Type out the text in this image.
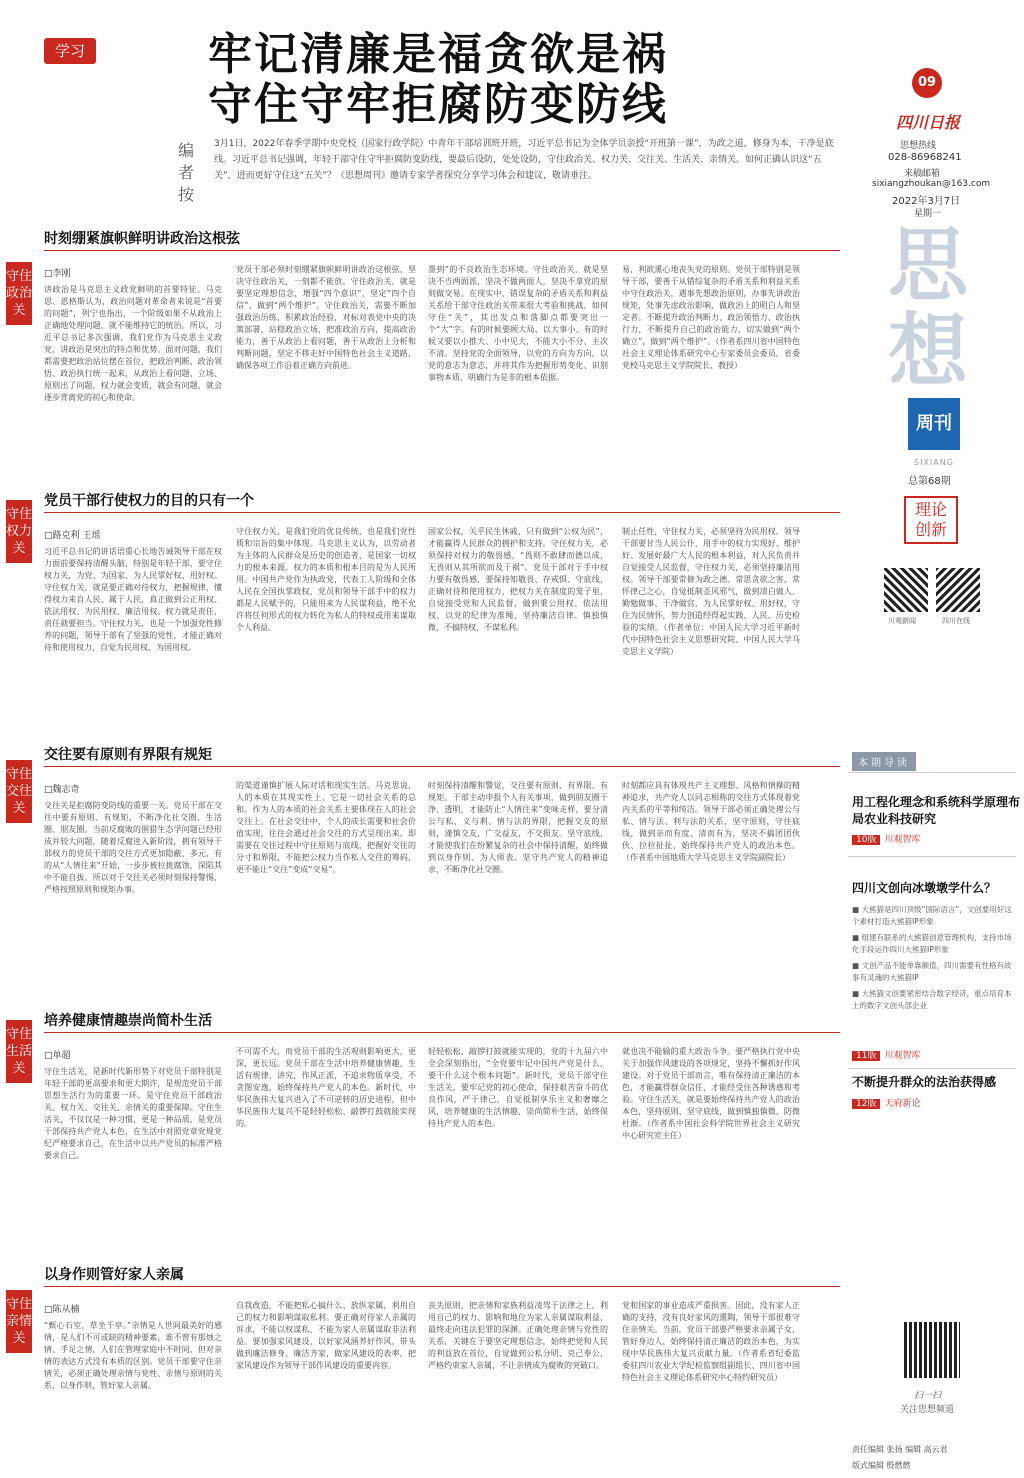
学习	牢记清廉是福贪欲是祸
守住守牢拒腐防变防线
编者按
3月1日，2022年春季学期中央党校（国家行政学院）中青年干部培训班开班，习近平总书记为全体学员亲授“开班第一课”，为政之道，修身为本，干净是底线。习近平总书记强调，年轻干部守住守牢拒腐防变防线，要最后设防，处处设防，守住政治关、权力关、交往关、生活关、亲情关。如何正确认识这“五关”，进而更好守住这“五关”？《思想周刊》邀请专家学者探究分享学习体会和建议，敬请垂注。
09
四川日报
思想热线
028-86968241
来稿邮箱
sixiangzhoukan@163.com
2022年3月7日
星期一
思想
周刊
SIXIANG
总第68期
理论
创新
川观新闻	四川在线
守住政治关
时刻绷紧旗帜鲜明讲政治这根弦
□李刚
讲政治是马克思主义政党鲜明的首要特征。马克思、恩格斯认为，政治问题对革命者来说是“首要的问题”，列宁也指出，一个阶级如果不从政治上正确地处理问题，就不能维持它的统治。所以，习近平总书记多次强调，我们党作为马克思主义政党，讲政治是突出的特点和优势。面对问题，我们都需要把政治站位摆在首位，把政治判断、政治领悟、政治执行统一起来，从政治上看问题，立场、原则出了问题，权力就会变质，就会有问题，就会逐步背离党的初心和使命。
党员干部必须时刻绷紧旗帜鲜明讲政治这根弦，坚决守住政治关，一刻都不能放。守住政治关，就是要坚定理想信念，增强“四个意识”、坚定“四个自信”、做到“两个维护”。守住政治关，需要不断加强政治历练，积累政治经验，对标对表党中央的决策部署，站稳政治立场，把准政治方向，提高政治能力，善于从政治上看问题，善于从政治上分析和判断问题，坚定不移走好中国特色社会主义道路，确保各项工作沿着正确方向前进。
墨到”的不良政治生态环境。守住政治关，就是坚决不当两面派，坚决不做两面人，坚决不拿党的原则做交易。在现实中，错误复杂的矛盾关系和利益关系给干部守住政治关带来很大考验和挑战，如何守住“关”，其出发点和落脚点都要突出一个“大”字。有的时候要顾大局、以大事小、有的时候又要以小推大、小中见大，不能大小不分、主次不清。坚持党的全面领导，以党的方向为方向，以党的意志为意志，并将其作为把握形势变化、识别事物本质、明确行为是非的根本依据。
易，利欲熏心地丧失党的原则。党员干部特别是领导干部，要善于从错综复杂的矛盾关系和利益关系中守住政治关，遇事先想政治原则，办事先讲政治规矩，处事先虑政治影响，做政治上的明白人和坚定者。不断提升政治判断力、政治领悟力、政治执行力，不断提升自己的政治能力，切实做到“两个确立”，做到“两个维护”。（作者系四川省中国特色社会主义理论体系研究中心专家委员会委员，省委党校马克思主义学院院长、教授）
守住权力关
党员干部行使权力的目的只有一个
□路克利 王瑶
习近平总书记的讲话语重心长地告诫领导干部在权力面前要保持清醒头脑，特别是年轻干部，要守住权力关，为党、为国家、为人民掌好权、用好权。守住权力关，就是要正确对待权力，把握规律，懂得权力来自人民、属于人民，真正做到公正用权、依法用权、为民用权、廉洁用权。权力就是责任，责任就要担当。守住权力关，也是一个加强党性修养的问题，领导干部有了坚强的党性，才能正确对待和使用权力，自觉为民用权、为国用权。
守住权力关，是我们党的优良传统，也是我们党性质和宗旨的集中体现。马克思主义认为，以劳动者为主体的人民群众是历史的创造者，是国家一切权力的根本来源。权力的本质和根本目的是为人民所用。中国共产党作为执政党，代表工人阶级和全体人民在全国执掌政权，党员和领导干部手中的权力都是人民赋予的，只能用来为人民谋利益，绝不允许将任何形式的权力转化为私人的特权或用来谋取个人利益。
国家公权，关乎民生休戚，只有做到“公权为民”，才能赢得人民群众的拥护和支持。守住权力关，必须保持对权力的敬畏感，“畏则不敢肆而德以成，无畏则从其所欲而及于祸”。党员干部对于手中权力要有敬畏感，要保持知敬畏、存戒惧、守底线，正确对待和使用权力，把权力关在制度的笼子里，自觉接受党和人民监督，做到秉公用权、依法用权，以党的纪律为准绳，坚持廉洁自律、慎独慎微，不搞特权，不谋私利。
制止任性，守住权力关，必须坚持为民用权。领导干部要甘当人民公仆，用手中的权力实现好、维护好、发展好最广大人民的根本利益，对人民负责并自觉接受人民监督，守住权力关，必须坚持廉洁用权。领导干部要常修为政之德、常思贪欲之害、常怀律己之心，自觉抵制歪风邪气，做到清白做人、勤勉做事、干净做官，为人民掌好权、用好权，守住为民情怀，努力创造经得起实践、人民、历史检验的实绩。（作者单位：中国人民大学习近平新时代中国特色社会主义思想研究院、中国人民大学马克思主义学院）
守住交往关
交往要有原则有界限有规矩
□魏志奇
交往关是拒腐防变防线的重要一关。党员干部在交往中要有原则、有规矩，不断净化社交圈、生活圈、朋友圈。当前反腐败的围猎生态学问题已经形成并较大问题，随着反腐进入新阶段，拥有领导干部权力的党员干部的交往方式更加隐蔽、多元，有的从“人情往来”开始，一步步被拉拢腐蚀，深陷其中不能自拔。所以对于交往关必须时刻保持警惕，严格按照原则和规矩办事。
的渠道谨慎扩展人际对话和现实生活。马克思说，人的本质在其现实性上，它是一切社会关系的总和。作为人的本质的社会关系主要体现在人的社会交往上。在社会交往中，个人的成长需要和社会价值实现，往往会通过社会交往的方式呈现出来。即需要在交往过程中守住原则与底线，把握好交往的分寸和界限，不能把公权力当作私人交往的筹码，更不能让“交往”变成“交易”。
时刻保持清醒和警觉，交往要有原则、有界限、有规矩。干部主动申报个人有关事项，做到朋友圈干净、透明，才能防止“人情往来”变味走样，要分清公与私、义与利、情与法的界限，把握交友的原则，谨慎交友，广交益友，不交损友。坚守底线，才能使我们在纷繁复杂的社会中保持清醒，始终做到以身作则、为人师表。坚守共产党人的精神追求，不断净化社交圈。
时刻都应具有体现共产主义理想、风格和情操的精神追求，共产党人以同志相称的交往方式体现着党内关系的平等和纯洁。领导干部必须正确处理公与私、情与法、利与法的关系，坚守原则，守住底线，做到亲而有度、清而有为，坚决不搞团团伙伙、拉拉扯扯，始终保持共产党人的政治本色。（作者系中国地质大学马克思主义学院副院长）
守住生活关
培养健康情趣崇尚简朴生活
□单超
守住生活关，是新时代新形势下对党员干部特别是年轻干部的更高要求和更大期许，是规范党员干部思想生活行为的重要一环。是守住党员干部政治关、权力关、交往关、亲情关的重要保障。守住生活关，不仅仅是一种习惯，更是一种品质，是党员干部保持共产党人本色，在生活中对照党章党规党纪严格要求自己，在生活中以共产党员的标准严格要求自己。
不可需不大，而党员干部的生活观则影响更大，更深，更长远。党员干部在生活中培养健康情趣，生活有规律、讲究，作风正派，不追求物质享受，不贪图安逸，始终保持共产党人的本色。新时代，中华民族伟大复兴进入了不可逆转的历史进程，但中华民族伟大复兴不是轻轻松松、敲锣打鼓就能实现的。
轻轻松松、敲锣打鼓就能实现的，党的十九届六中全会深刻指出，“全党要牢记中国共产党是什么、要干什么这个根本问题”。新时代，党员干部守住生活关，要牢记党的初心使命，保持艰苦奋斗的优良作风，严于律己，自觉抵制享乐主义和奢靡之风，培养健康的生活情趣，崇尚简朴生活，始终保持共产党人的本色。
就也决不能输的重大政治斗争。要严格执行党中央关于加强作风建设的各项规定，坚持不懈抓好作风建设。对于党员干部而言，唯有保持清正廉洁的本色，才能赢得群众信任，才能经受住各种诱惑和考验。守住生活关，就是要始终保持共产党人的政治本色，坚持原则、坚守底线，做到慎独慎微、防微杜渐。（作者系中国社会科学院世界社会主义研究中心研究室主任）
守住亲情关
以身作则管好家人亲属
□陈从楠
“甄心石室，草坐千亭。”亲情是人世间最美好的感情，是人们不可或缺的精神要素，谁不曾有那烛之情、手足之情，人们在管理家庭中不时间，但对亲情的表达方式没有本质的区别。党员干部要守住亲情关，必须正确处理亲情与党性、亲情与原则的关系，以身作则，管好家人亲属。
自我改造，不能把私心搞什么、放纵家属，利用自己的权力和影响谋取私利。要正确对待家人亲属的诉求，不能以权谋私，不能为家人亲属谋取非法利益。要加强家风建设，以好家风涵养好作风，带头做到廉洁修身、廉洁齐家，做家风建设的表率，把家风建设作为领导干部作风建设的重要内容。
丧失原则，把亲情和家族利益凌驾于法律之上，利用自己的权力、影响和地位为家人亲属谋取利益，最终走向违法犯罪的深渊。正确处理亲情与党性的关系，关键在于要坚定理想信念，始终把党和人民的利益放在首位，自觉做到公私分明、克己奉公，严格约束家人亲属，不让亲情成为腐败的突破口。
党和国家的事业造成严重损害。因此，没有家人正确的支持，没有良好家风的熏陶，领导干部很难守住亲情关。当前，党员干部要严格要求亲属子女，管好身边人，始终保持清正廉洁的政治本色，为实现中华民族伟大复兴贡献力量。（作者系省纪委监委驻四川农业大学纪检监察组副组长、四川省中国特色社会主义理论体系研究中心特约研究员）
本期导读
用工程化理念和系统科学原理布局农业科技研究
10版 川观智库
四川文创向冰墩墩学什么？
■ 大熊猫是四川顶级“国际语言”，文创要用好这个素材打造大熊猫IP形象
■ 组建有联系的大熊猫创意管理机构，支持市场化手段运作四川大熊猫IP形象
■ 文创产品不能单靠颜值，四川需要有性格有故事有灵魂的大熊猫IP
■ 大熊猫文创要紧密结合数字经济，重点培育本土的数字文创头部企业
11版 川观智库
不断提升群众的法治获得感
12版 天府新论
扫一扫
关注思想频道
责任编辑 张扬 编辑 高云君
版式编辑 殷燃燃
